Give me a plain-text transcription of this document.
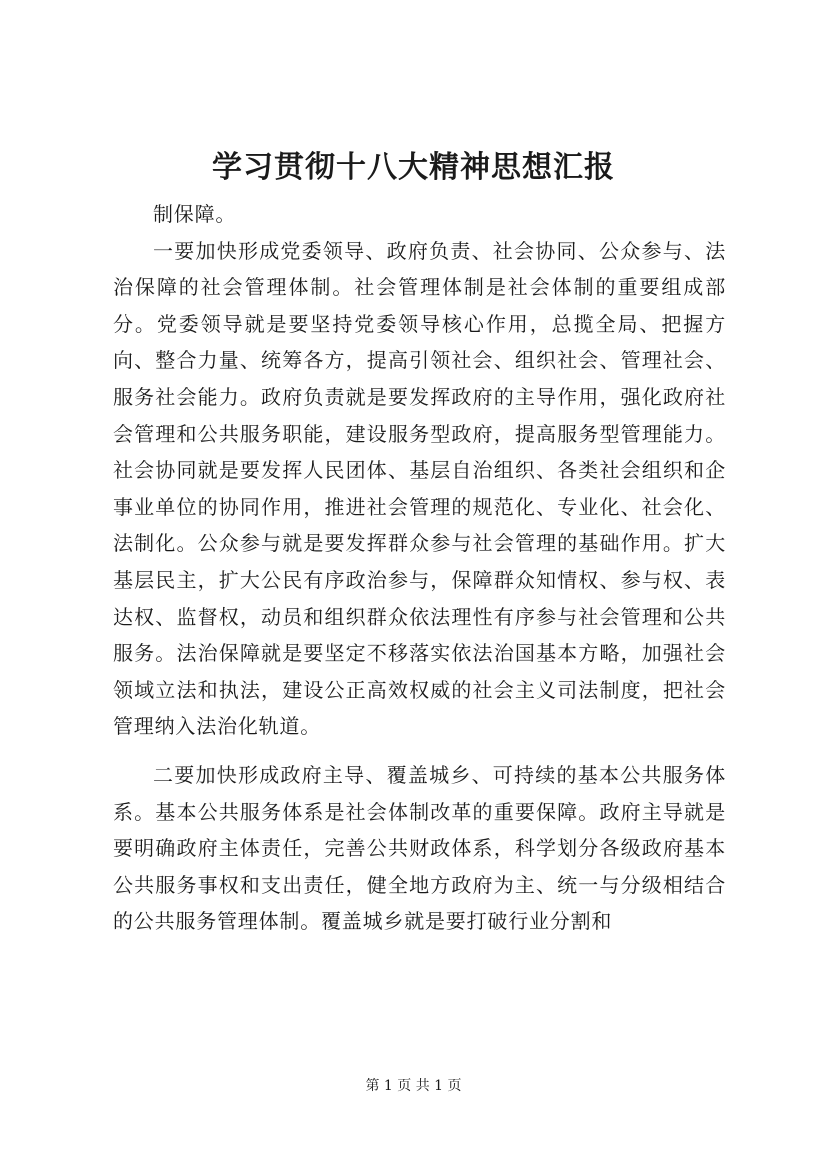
学习贯彻十八大精神思想汇报

制保障。

一要加快形成党委领导、政府负责、社会协同、公众参与、法治保障的社会管理体制。社会管理体制是社会体制的重要组成部分。党委领导就是要坚持党委领导核心作用，总揽全局、把握方向、整合力量、统筹各方，提高引领社会、组织社会、管理社会、服务社会能力。政府负责就是要发挥政府的主导作用，强化政府社会管理和公共服务职能，建设服务型政府，提高服务型管理能力。社会协同就是要发挥人民团体、基层自治组织、各类社会组织和企事业单位的协同作用，推进社会管理的规范化、专业化、社会化、法制化。公众参与就是要发挥群众参与社会管理的基础作用。扩大基层民主，扩大公民有序政治参与，保障群众知情权、参与权、表达权、监督权，动员和组织群众依法理性有序参与社会管理和公共服务。法治保障就是要坚定不移落实依法治国基本方略，加强社会领域立法和执法，建设公正高效权威的社会主义司法制度，把社会管理纳入法治化轨道。

二要加快形成政府主导、覆盖城乡、可持续的基本公共服务体系。基本公共服务体系是社会体制改革的重要保障。政府主导就是要明确政府主体责任，完善公共财政体系，科学划分各级政府基本公共服务事权和支出责任，健全地方政府为主、统一与分级相结合的公共服务管理体制。覆盖城乡就是要打破行业分割和

第 1 页 共 1 页
